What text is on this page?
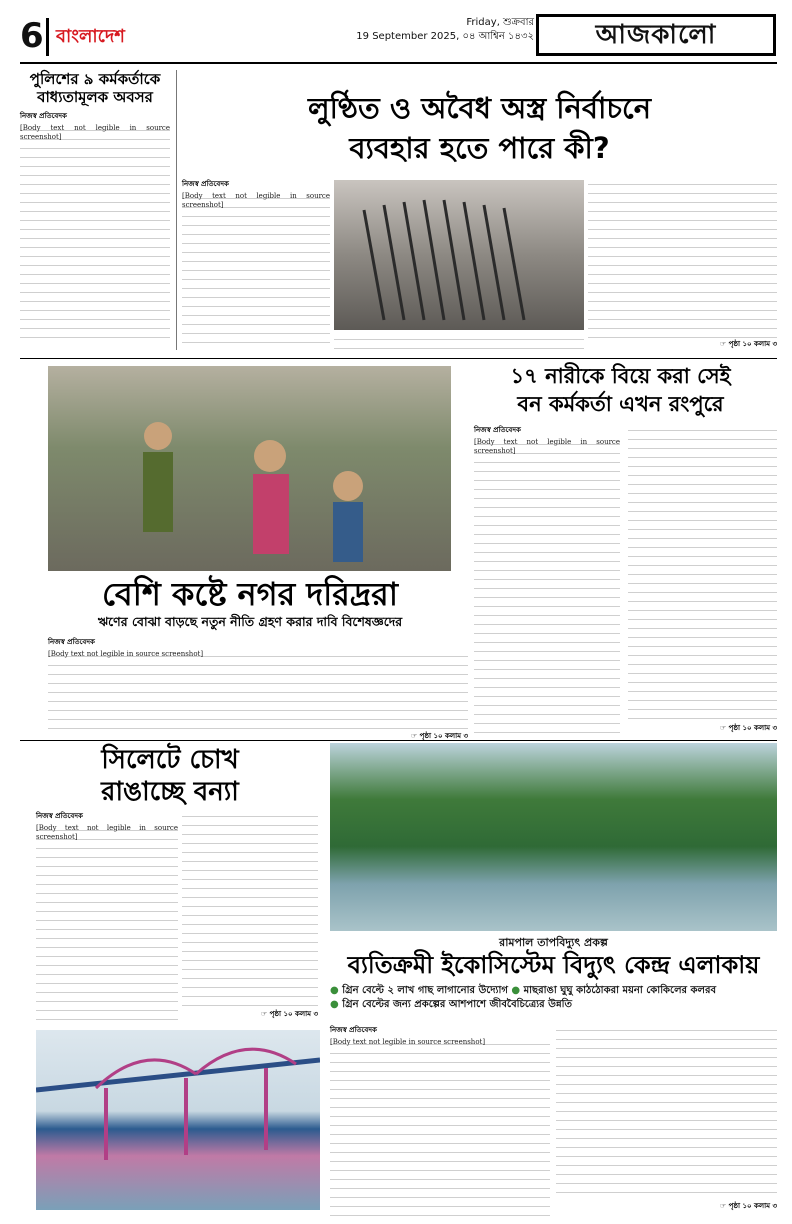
6 বাংলাদেশ
Friday, শুক্রবার
19 September 2025, ০৪ আশ্বিন ১৪৩২	আজকালো
পুলিশের ৯ কর্মকর্তাকে
বাধ্যতামূলক অবসর
নিজস্ব প্রতিবেদক
[Body text not legible in source screenshot]
লুণ্ঠিত ও অবৈধ অস্ত্র নির্বাচনে
ব্যবহার হতে পারে কী?
নিজস্ব প্রতিবেদক
[Body text not legible in source screenshot]
☞ পৃষ্ঠা ১০ কলাম ৩
বেশি কষ্টে নগর দরিদ্ররা
ঋণের বোঝা বাড়ছে নতুন নীতি গ্রহণ করার দাবি বিশেষজ্ঞদের
নিজস্ব প্রতিবেদক
[Body text not legible in source screenshot]
☞ পৃষ্ঠা ১০ কলাম ৩
১৭ নারীকে বিয়ে করা সেই
বন কর্মকর্তা এখন রংপুরে
নিজস্ব প্রতিবেদক
[Body text not legible in source screenshot]
☞ পৃষ্ঠা ১০ কলাম ৩
সিলেটে চোখ
রাঙাচ্ছে বন্যা
নিজস্ব প্রতিবেদক
[Body text not legible in source screenshot]
☞ পৃষ্ঠা ১০ কলাম ৩
রামপাল তাপবিদ্যুৎ প্রকল্প
ব্যতিক্রমী ইকোসিস্টেম বিদ্যুৎ কেন্দ্র এলাকায়
● গ্রিন বেল্টে ২ লাখ গাছ লাগানোর উদ্যোগ ● মাছরাঙা ঘুঘু কাঠঠোকরা ময়না কোকিলের কলরব
● গ্রিন বেল্টের জন্য প্রকল্পের আশপাশে জীববৈচিত্র্যের উন্নতি
নিজস্ব প্রতিবেদক
[Body text not legible in source screenshot]
☞ পৃষ্ঠা ১০ কলাম ৩
